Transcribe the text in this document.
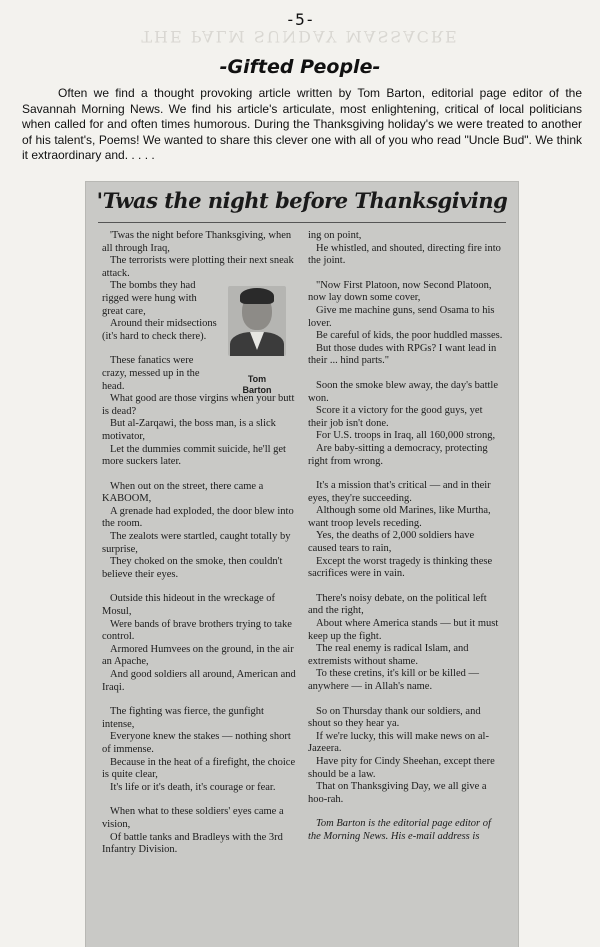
THE PALM SUNDAY MASSACRE
-5-
-Gifted People-
Often we find a thought provoking article written by Tom Barton, editorial page editor of the Savannah Morning News. We find his article's articulate, most enlightening, critical of local politicians when called for and often times humorous. During the Thanksgiving holiday's we were treated to another of his talent's, Poems! We wanted to share this clever one with all of you who read "Uncle Bud". We think it extraordinary and. . . . .
'Twas the night before Thanksgiving
Tom
Barton

'Twas the night before Thanksgiving, when all through Iraq,

The terrorists were plotting their next sneak attack.

The bombs they had rigged were hung with great care,

Around their midsections (it's hard to check there).

These fanatics were crazy, messed up in the head.

What good are those virgins when your butt is dead?

But al-Zarqawi, the boss man, is a slick motivator,

Let the dummies commit suicide, he'll get more suckers later.

When out on the street, there came a KABOOM,

A grenade had exploded, the door blew into the room.

The zealots were startled, caught totally by surprise,

They choked on the smoke, then couldn't believe their eyes.

Outside this hideout in the wreckage of Mosul,

Were bands of brave brothers trying to take control.

Armored Humvees on the ground, in the air an Apache,

And good soldiers all around, American and Iraqi.

The fighting was fierce, the gunfight intense,

Everyone knew the stakes — nothing short of immense.

Because in the heat of a firefight, the choice is quite clear,

It's life or it's death, it's courage or fear.

When what to these soldiers' eyes came a vision,

Of battle tanks and Bradleys with the 3rd Infantry Division.

ing on point,

He whistled, and shouted, directing fire into the joint.

"Now First Platoon, now Second Platoon, now lay down some cover,

Give me machine guns, send Osama to his lover.

Be careful of kids, the poor huddled masses.

But those dudes with RPGs? I want lead in their ... hind parts."

Soon the smoke blew away, the day's battle won.

Score it a victory for the good guys, yet their job isn't done.

For U.S. troops in Iraq, all 160,000 strong,

Are baby-sitting a democracy, protecting right from wrong.

It's a mission that's critical — and in their eyes, they're succeeding.

Although some old Marines, like Murtha, want troop levels receding.

Yes, the deaths of 2,000 soldiers have caused tears to rain,

Except the worst tragedy is thinking these sacrifices were in vain.

There's noisy debate, on the political left and the right,

About where America stands — but it must keep up the fight.

The real enemy is radical Islam, and extremists without shame.

To these cretins, it's kill or be killed — anywhere — in Allah's name.

So on Thursday thank our soldiers, and shout so they hear ya.

If we're lucky, this will make news on al-Jazeera.

Have pity for Cindy Sheehan, except there should be a law.

That on Thanksgiving Day, we all give a hoo-rah.

Tom Barton is the editorial page editor of the Morning News. His e-mail address is
